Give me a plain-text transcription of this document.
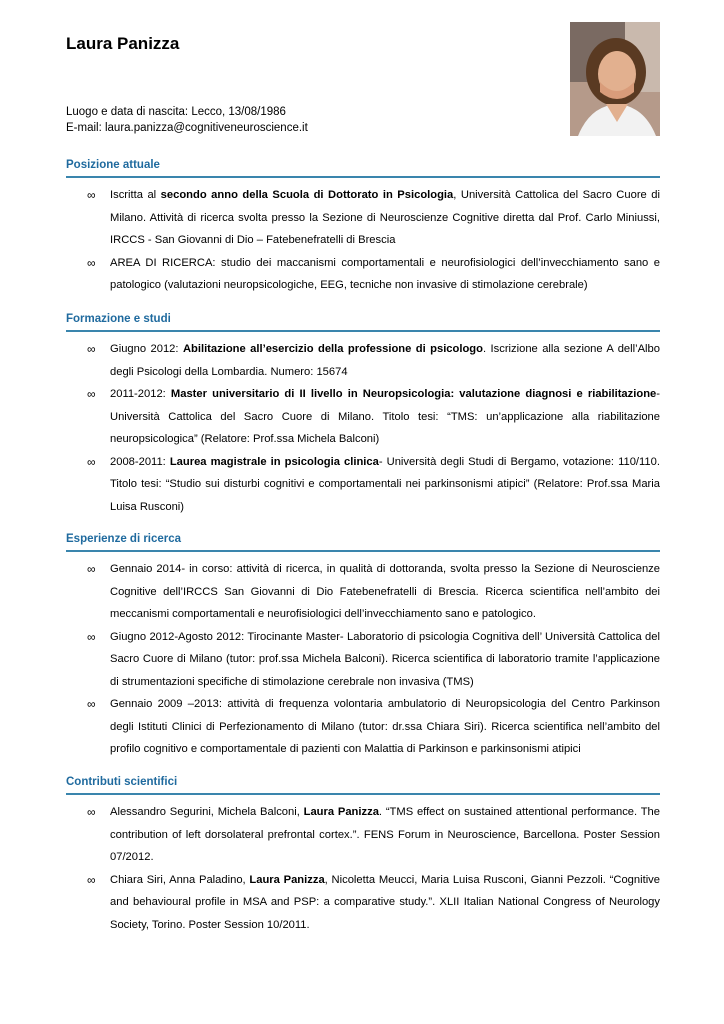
Laura Panizza
Luogo e data di nascita: Lecco, 13/08/1986
E-mail: laura.panizza@cognitiveneuroscience.it
Posizione attuale
∞ Iscritta al secondo anno della Scuola di Dottorato in Psicologia, Università Cattolica del Sacro Cuore di Milano. Attività di ricerca svolta presso la Sezione di Neuroscienze Cognitive diretta dal Prof. Carlo Miniussi, IRCCS - San Giovanni di Dio – Fatebenefratelli di Brescia
∞ AREA DI RICERCA: studio dei maccanismi comportamentali e neurofisiologici dell’invecchiamento sano e patologico (valutazioni neuropsicologiche, EEG, tecniche non invasive di stimolazione cerebrale)
Formazione e studi
∞ Giugno 2012: Abilitazione all’esercizio della professione di psicologo. Iscrizione alla sezione A dell’Albo degli Psicologi della Lombardia. Numero: 15674
∞ 2011-2012: Master universitario di II livello in Neuropsicologia: valutazione diagnosi e riabilitazione- Università Cattolica del Sacro Cuore di Milano. Titolo tesi: “TMS: un’applicazione alla riabilitazione neuropsicologica” (Relatore: Prof.ssa Michela Balconi)
∞ 2008-2011: Laurea magistrale in psicologia clinica- Università degli Studi di Bergamo, votazione: 110/110. Titolo tesi: “Studio sui disturbi cognitivi e comportamentali nei parkinsonismi atipici” (Relatore: Prof.ssa Maria Luisa Rusconi)
Esperienze di ricerca
∞ Gennaio 2014- in corso: attività di ricerca, in qualità di dottoranda, svolta presso la Sezione di Neuroscienze Cognitive dell’IRCCS San Giovanni di Dio Fatebenefratelli di Brescia. Ricerca scientifica nell’ambito dei meccanismi comportamentali e neurofisiologici dell’invecchiamento sano e patologico.
∞ Giugno 2012-Agosto 2012: Tirocinante Master- Laboratorio di psicologia Cognitiva dell’ Università Cattolica del Sacro Cuore di Milano (tutor: prof.ssa Michela Balconi). Ricerca scientifica di laboratorio tramite l’applicazione di strumentazioni specifiche di stimolazione cerebrale non invasiva (TMS)
∞ Gennaio 2009 –2013: attività di frequenza volontaria ambulatorio di Neuropsicologia del Centro Parkinson degli Istituti Clinici di Perfezionamento di Milano (tutor: dr.ssa Chiara Siri). Ricerca scientifica nell’ambito del profilo cognitivo e comportamentale di pazienti con Malattia di Parkinson e parkinsonismi atipici
Contributi scientifici
∞ Alessandro Segurini, Michela Balconi, Laura Panizza. “TMS effect on sustained attentional performance. The contribution of left dorsolateral prefrontal cortex.”. FENS Forum in Neuroscience, Barcellona. Poster Session 07/2012.
∞ Chiara Siri, Anna Paladino, Laura Panizza, Nicoletta Meucci, Maria Luisa Rusconi, Gianni Pezzoli. “Cognitive and behavioural profile in MSA and PSP: a comparative study.”. XLII Italian National Congress of Neurology Society, Torino. Poster Session 10/2011.
